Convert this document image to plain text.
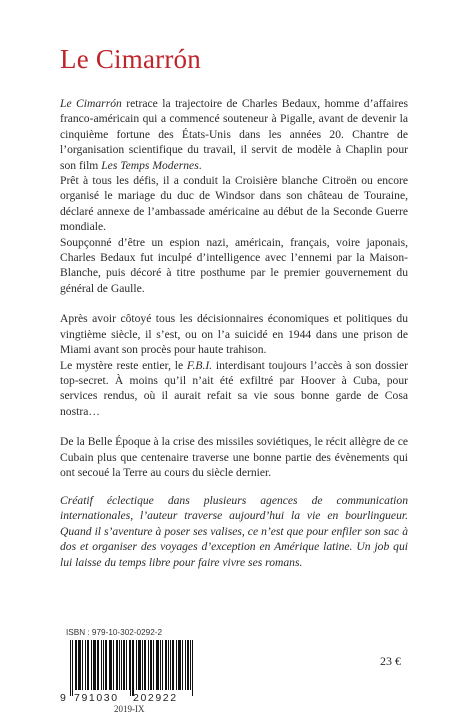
Le Cimarrón

Le Cimarrón retrace la trajectoire de Charles Bedaux, homme d’affaires franco-américain qui a commencé souteneur à Pigalle, avant de devenir la cinquième fortune des États-Unis dans les années 20. Chantre de l’organisation scientifique du travail, il servit de modèle à Chaplin pour son film Les Temps Modernes.

Prêt à tous les défis, il a conduit la Croisière blanche Citroën ou encore organisé le mariage du duc de Windsor dans son château de Touraine, déclaré annexe de l’ambassade américaine au début de la Seconde Guerre mondiale.

Soupçonné d’être un espion nazi, américain, français, voire japonais, Charles Bedaux fut inculpé d’intelligence avec l’ennemi par la Maison-Blanche, puis décoré à titre posthume par le premier gouvernement du général de Gaulle.

Après avoir côtoyé tous les décisionnaires économiques et politiques du vingtième siècle, il s’est, ou on l’a suicidé en 1944 dans une prison de Miami avant son procès pour haute trahison.

Le mystère reste entier, le F.B.I. interdisant toujours l’accès à son dossier top-secret. À moins qu’il n’ait été exfiltré par Hoover à Cuba, pour services rendus, où il aurait refait sa vie sous bonne garde de Cosa nostra…

De la Belle Époque à la crise des missiles soviétiques, le récit allègre de ce Cubain plus que centenaire traverse une bonne partie des évènements qui ont secoué la Terre au cours du siècle dernier.

Créatif éclectique dans plusieurs agences de communication internationales, l’auteur traverse aujourd’hui la vie en bourlingueur. Quand il s’aventure à poser ses valises, ce n’est que pour enfiler son sac à dos et organiser des voyages d’exception en Amérique latine. Un job qui lui laisse du temps libre pour faire vivre ses romans.
ISBN : 979-10-302-0292-2
9 791030 202922
2019-IX
23 €
